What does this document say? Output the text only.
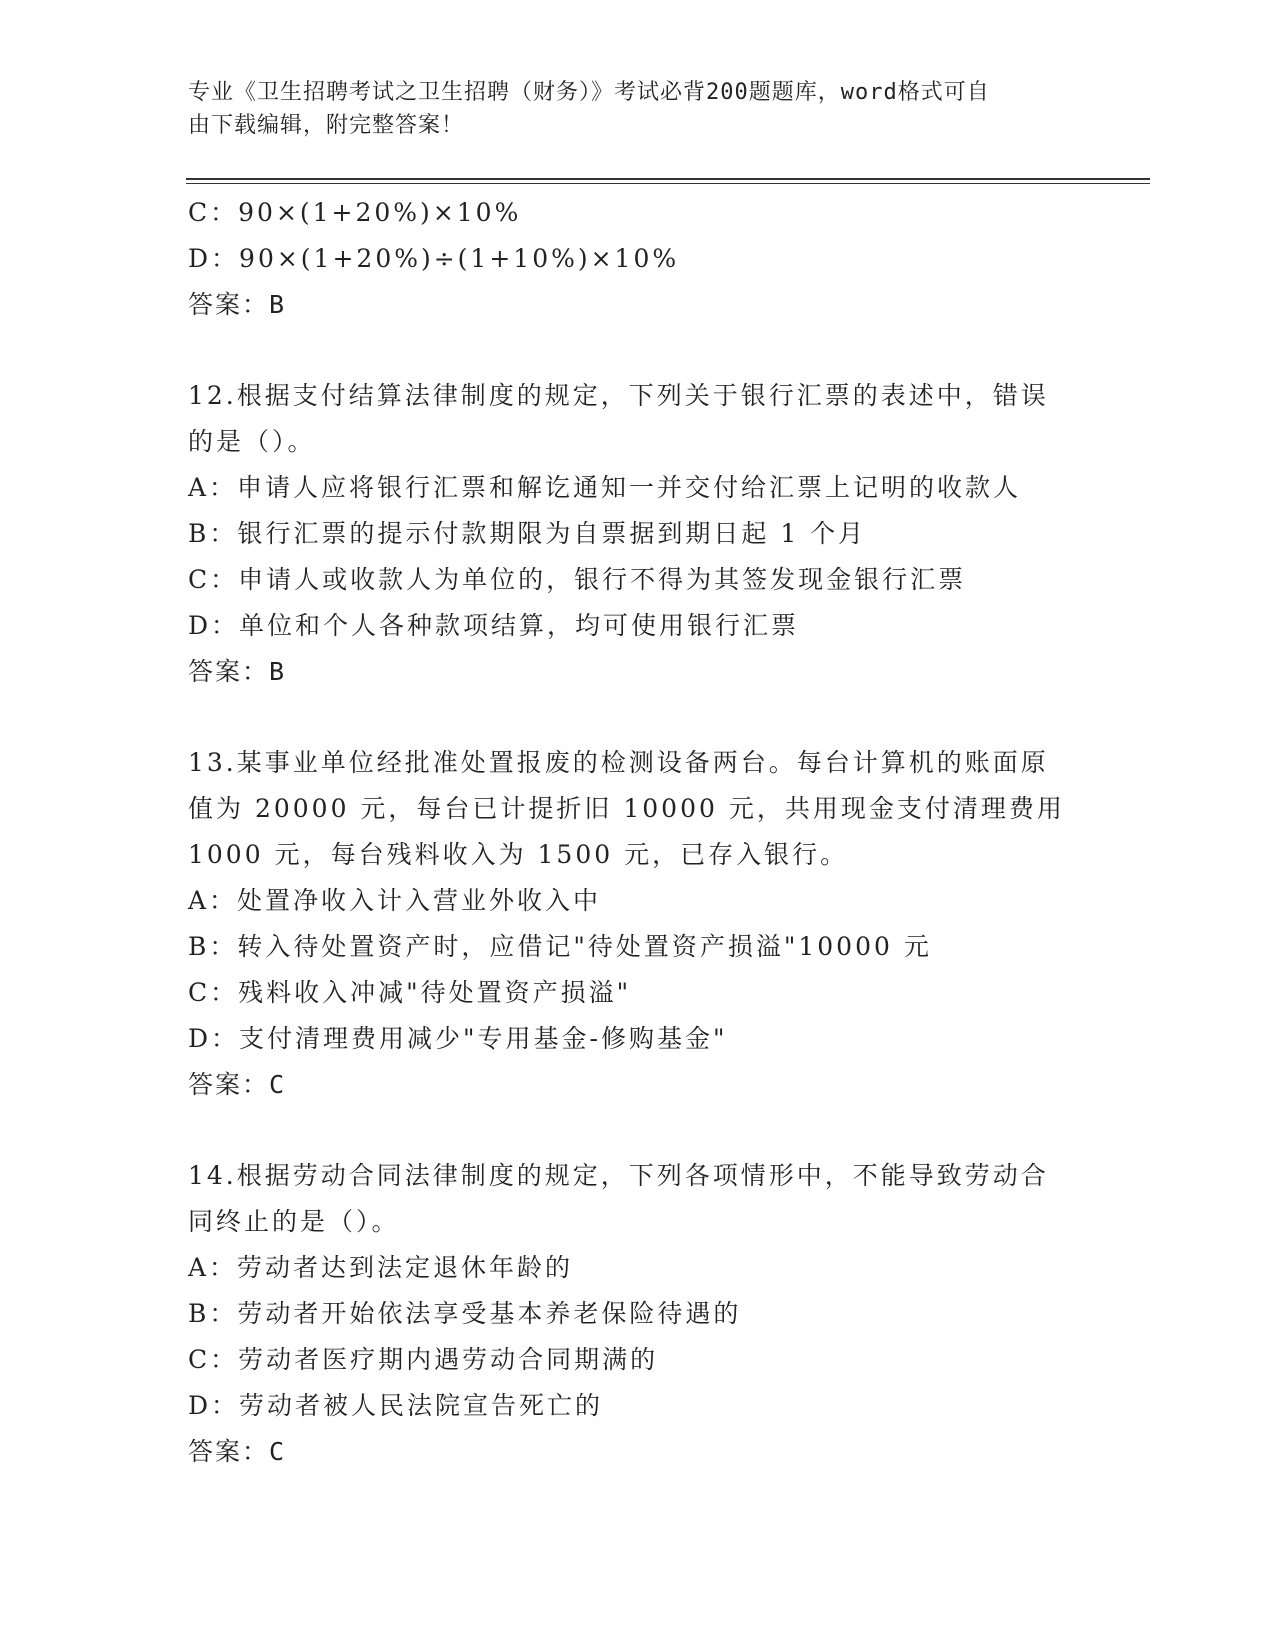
专业《卫生招聘考试之卫生招聘（财务）》考试必背200题题库，word格式可自
由下载编辑，附完整答案！
C：90×(1+20%)×10%
D：90×(1+20%)÷(1+10%)×10%
答案：B
12.根据支付结算法律制度的规定，下列关于银行汇票的表述中，错误
的是（）。
A：申请人应将银行汇票和解讫通知一并交付给汇票上记明的收款人
B：银行汇票的提示付款期限为自票据到期日起 1 个月
C：申请人或收款人为单位的，银行不得为其签发现金银行汇票
D：单位和个人各种款项结算，均可使用银行汇票
答案：B
13.某事业单位经批准处置报废的检测设备两台。每台计算机的账面原
值为 20000 元，每台已计提折旧 10000 元，共用现金支付清理费用
1000 元，每台残料收入为 1500 元，已存入银行。
A：处置净收入计入营业外收入中
B：转入待处置资产时，应借记"待处置资产损溢"10000 元
C：残料收入冲减"待处置资产损溢"
D：支付清理费用减少"专用基金-修购基金"
答案：C
14.根据劳动合同法律制度的规定，下列各项情形中，不能导致劳动合
同终止的是（）。
A：劳动者达到法定退休年龄的
B：劳动者开始依法享受基本养老保险待遇的
C：劳动者医疗期内遇劳动合同期满的
D：劳动者被人民法院宣告死亡的
答案：C
